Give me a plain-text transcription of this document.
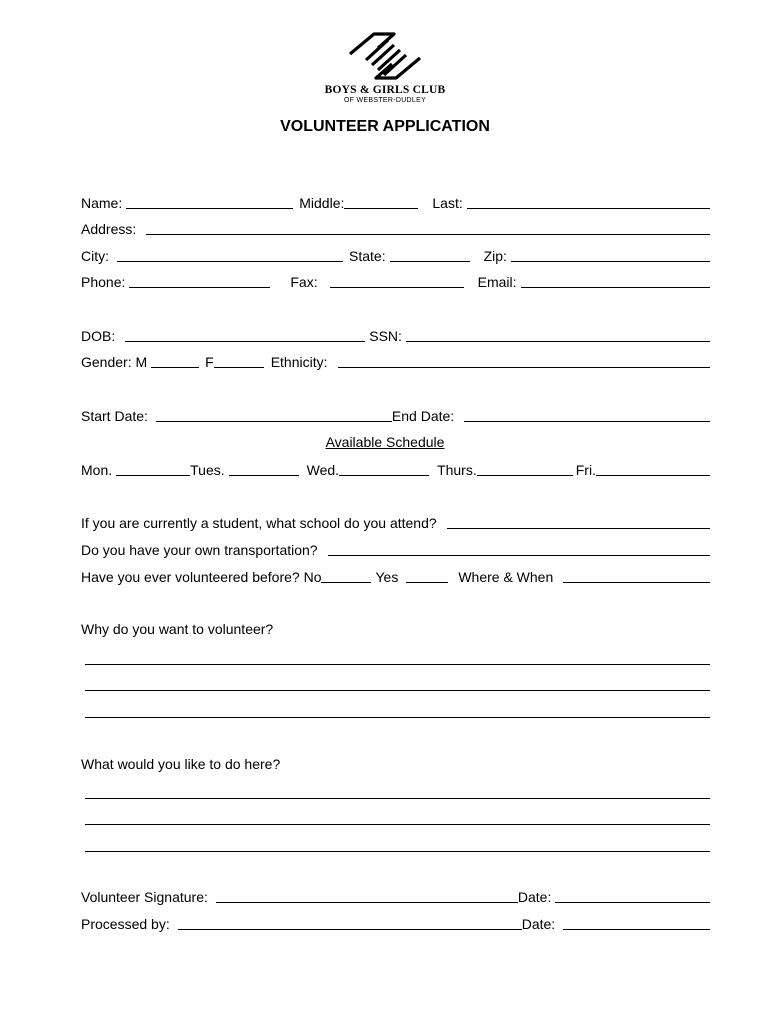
BOYS & GIRLS CLUB
OF WEBSTER-DUDLEY
VOLUNTEER APPLICATION
Name:	Middle:	Last:
Address:
City:	State:	Zip:
Phone:	Fax:	Email:
DOB:	SSN:
Gender: M	F	Ethnicity:
Start Date:	End Date:
Available Schedule
Mon.	Tues.	Wed.	Thurs.	Fri.
If you are currently a student, what school do you attend?
Do you have your own transportation?
Have you ever volunteered before? No	Yes	Where & When
Why do you want to volunteer?
What would you like to do here?
Volunteer Signature:	Date:
Processed by:	Date:
